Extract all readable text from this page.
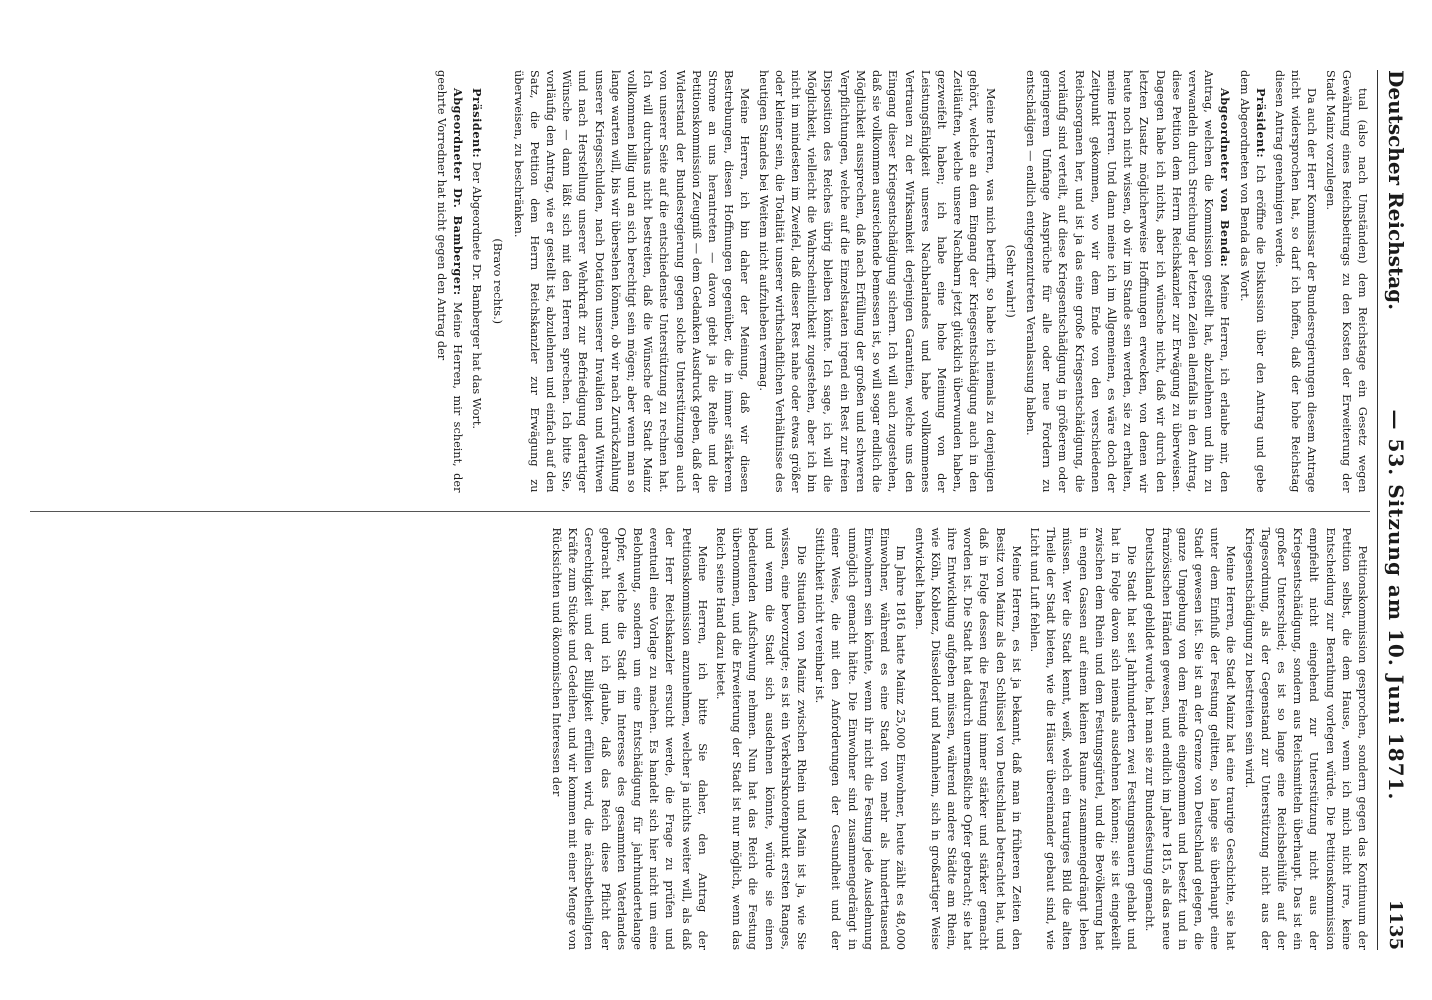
Deutscher Reichstag.
— 53. Sitzung am 10. Juni 1871.
1135

tual (also nach Umständen) dem Reichstage ein Gesetz wegen Gewährung eines Reichsbeitrags zu den Kosten der Erweiterung der Stadt Mainz vorzulegen.

Da auch der Herr Kommissar der Bundesregierungen diesem Antrage nicht widersprochen hat, so darf ich hoffen, daß der hohe Reichstag diesen Antrag genehmigen werde.

Präsident: Ich eröffne die Diskussion über den Antrag und gebe dem Abgeordneten von Benda das Wort.

Abgeordneter von Benda: Meine Herren, ich erlaube mir, den Antrag, welchen die Kommission gestellt hat, abzulehnen und ihn zu verwandeln durch Streichung der letzten Zeilen allenfalls in den Antrag, diese Petition dem Herrn Reichskanzler zur Erwägung zu überweisen. Dagegen habe ich nichts, aber ich wünsche nicht, daß wir durch den letzten Zusatz möglicherweise Hoffnungen erwecken, von denen wir heute noch nicht wissen, ob wir im Stande sein werden, sie zu erhalten, meine Herren. Und dann meine ich im Allgemeinen, es wäre doch der Zeitpunkt gekommen, wo wir dem Ende von den verschiedenen Reichsorganen her, und ist ja das eine große Kriegsentschädigung, die vorläufig sind verteilt, auf diese Kriegsentschädigung in größerem oder geringerem Umfange Ansprüche für alle oder neue Fordern zu entschädigen — endlich entgegenzutreten Veranlassung haben.

(Sehr wahr!)

Meine Herren, was mich betrifft, so habe ich niemals zu denjenigen gehört, welche an dem Eingang der Kriegsentschädigung auch in den Zeitläuften, welche unsere Nachbarn jetzt glücklich überwunden haben, gezweifelt haben; ich habe eine hohe Meinung von der Leistungsfähigkeit unseres Nachbarlandes und habe vollkommenes Vertrauen zu der Wirksamkeit derjenigen Garantien, welche uns den Eingang dieser Kriegsentschädigung sichern. Ich will auch zugestehen, daß sie vollkommen ausreichende bemessen ist, so will sogar endlich die Möglichkeit aussprechen, daß nach Erfüllung der großen und schweren Verpflichtungen, welche auf die Einzelstaaten irgend ein Rest zur freien Disposition des Reiches übrig bleiben könnte. Ich sage, ich will die Möglichkeit, vielleicht die Wahrscheinlichkeit zugestehen, aber ich bin nicht im mindesten im Zweifel, daß dieser Rest nahe oder etwas größer oder kleiner sein, die Totalität unserer wirthschaftlichen Verhältnisse des heutigen Standes bei Weitem nicht aufzuheben vermag.

Meine Herren, ich bin daher der Meinung, daß wir diesen Bestrebungen, diesen Hoffnungen gegenüber, die in immer stärkerem Strome an uns herantreten — davon giebt ja die Reihe und die Petitionskommission Zeugniß — dem Gedanken Ausdruck geben, daß der Widerstand der Bundesregierung gegen solche Unterstützungen auch von unserer Seite auf die entschiedenste Unterstützung zu rechnen hat. Ich will durchaus nicht bestreiten, daß die Wünsche der Stadt Mainz vollkommen billig und an sich berechtigt sein mögen; aber wenn man so lange warten will, bis wir übersehen können, ob wir nach Zurückzahlung unserer Kriegsschulden, nach Dotation unserer Invaliden und Wittwen und nach Herstellung unserer Wehrkraft zur Befriedigung derartiger Wünsche — dann läßt sich mit den Herren sprechen. Ich bitte Sie, vorläufig den Antrag, wie er gestellt ist, abzulehnen und einfach auf den Satz, die Petition dem Herrn Reichskanzler zur Erwägung zu überweisen, zu beschränken.

(Bravo rechts.)

Präsident: Der Abgeordnete Dr. Bamberger hat das Wort.

Abgeordneter Dr. Bamberger: Meine Herren, mir scheint, der geehrte Vorredner hat nicht gegen den Antrag der

Petitionskommission gesprochen, sondern gegen das Kontinuum der Petition selbst, die dem Hause, wenn ich mich nicht irre, keine Entscheidung zur Berathung vorlegen würde. Die Petitionskommission empfiehlt nicht eingehend zur Unterstützung nicht aus der Kriegsentschädigung, sondern aus Reichsmitteln überhaupt. Das ist ein großer Unterschied; es ist so lange eine Reichsbeihülfe auf der Tagesordnung, als der Gegenstand zur Unterstützung nicht aus der Kriegsentschädigung zu bestreiten sein wird.

Meine Herren, die Stadt Mainz hat eine traurige Geschichte, sie hat unter dem Einfluß der Festung gelitten, so lange sie überhaupt eine Stadt gewesen ist. Sie ist an der Grenze von Deutschland gelegen, die ganze Umgebung von dem Feinde eingenommen und besetzt und in französischen Händen gewesen, und endlich im Jahre 1815, als das neue Deutschland gebildet wurde, hat man sie zur Bundesfestung gemacht.

Die Stadt hat seit Jahrhunderten zwei Festungsmauern gehabt und hat in Folge davon sich niemals ausdehnen können; sie ist eingekeilt zwischen dem Rhein und dem Festungsgürtel, und die Bevölkerung hat in engen Gassen auf einem kleinen Raume zusammengedrängt leben müssen. Wer die Stadt kennt, weiß, welch ein trauriges Bild die alten Theile der Stadt bieten, wie die Häuser übereinander gebaut sind, wie Licht und Luft fehlen.

Meine Herren, es ist ja bekannt, daß man in früheren Zeiten den Besitz von Mainz als den Schlüssel von Deutschland betrachtet hat, und daß in Folge dessen die Festung immer stärker und stärker gemacht worden ist. Die Stadt hat dadurch unermeßliche Opfer gebracht; sie hat ihre Entwicklung aufgeben müssen, während andere Städte am Rhein, wie Köln, Koblenz, Düsseldorf und Mannheim, sich in großartiger Weise entwickelt haben.

Im Jahre 1816 hatte Mainz 25,000 Einwohner, heute zählt es 48,000 Einwohner, während es eine Stadt von mehr als hunderttausend Einwohnern sein könnte, wenn ihr nicht die Festung jede Ausdehnung unmöglich gemacht hätte. Die Einwohner sind zusammengedrängt in einer Weise, die mit den Anforderungen der Gesundheit und der Sittlichkeit nicht vereinbar ist.

Die Situation von Mainz zwischen Rhein und Main ist ja, wie Sie wissen, eine bevorzugte; es ist ein Verkehrsknotenpunkt ersten Ranges, und wenn die Stadt sich ausdehnen könnte, würde sie einen bedeutenden Aufschwung nehmen. Nun hat das Reich die Festung übernommen, und die Erweiterung der Stadt ist nur möglich, wenn das Reich seine Hand dazu bietet.

Meine Herren, ich bitte Sie daher, den Antrag der Petitionskommission anzunehmen, welcher ja nichts weiter will, als daß der Herr Reichskanzler ersucht werde, die Frage zu prüfen und eventuell eine Vorlage zu machen. Es handelt sich hier nicht um eine Belohnung, sondern um eine Entschädigung für jahrhundertelange Opfer, welche die Stadt im Interesse des gesammten Vaterlandes gebracht hat, und ich glaube, daß das Reich diese Pflicht der Gerechtigkeit und der Billigkeit erfüllen wird, die nächstbetheiligten Kräfte zum Stücke und Gedeihen, und wir kommen mit einer Menge von Rücksichten und ökonomischen Interessen der
